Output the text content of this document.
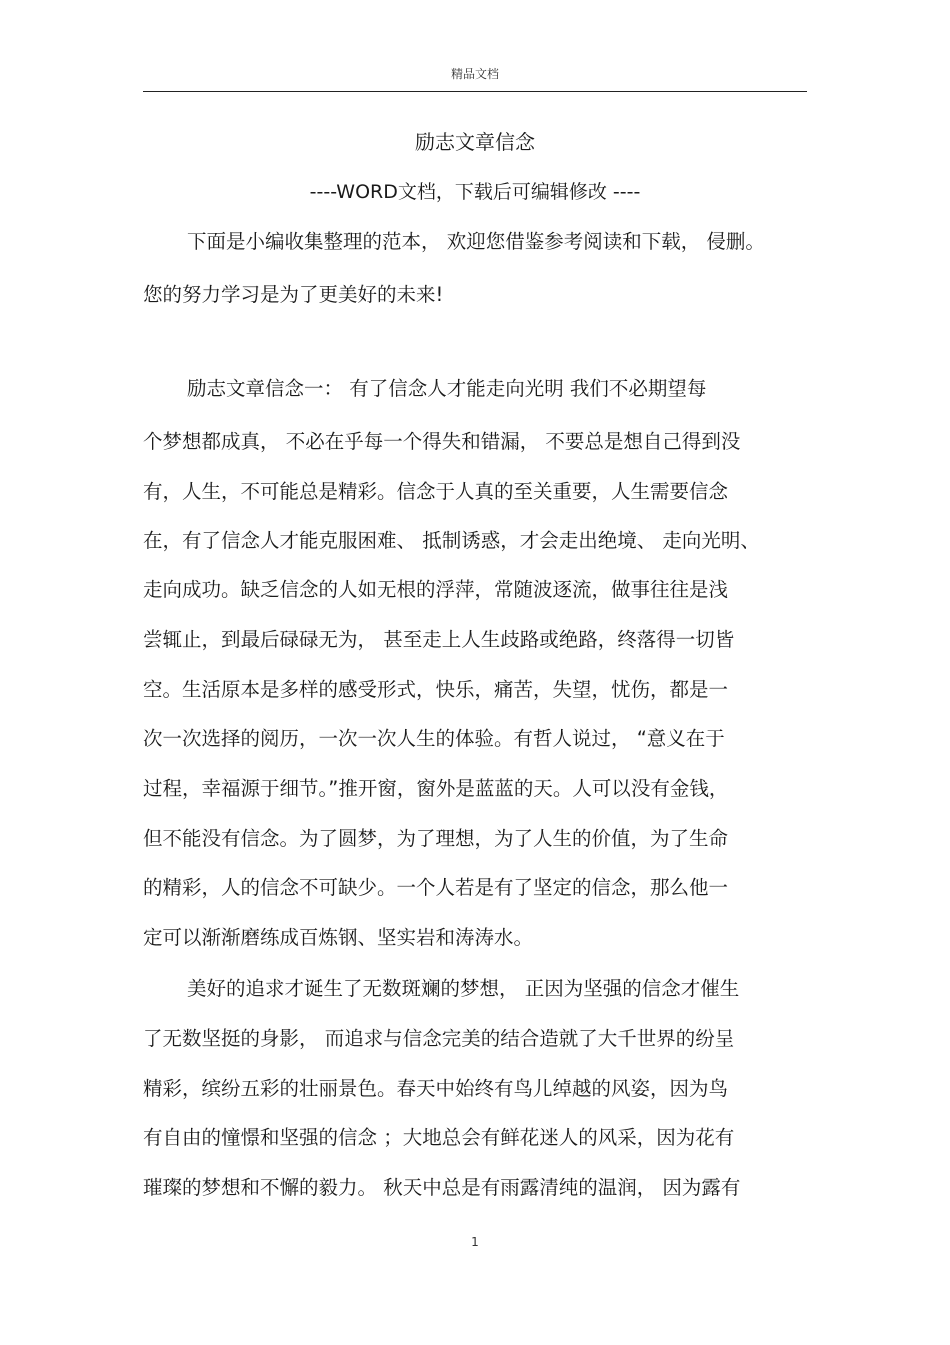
精品文档
励志文章信念
----WORD文档，下载后可编辑修改 ----
下面是小编收集整理的范本， 欢迎您借鉴参考阅读和下载， 侵删。
您的努力学习是为了更美好的未来!
励志文章信念一： 有了信念人才能走向光明 我们不必期望每
个梦想都成真， 不必在乎每一个得失和错漏， 不要总是想自己得到没
有，人生，不可能总是精彩。信念于人真的至关重要，人生需要信念
在，有了信念人才能克服困难、 抵制诱惑，才会走出绝境、 走向光明、
走向成功。缺乏信念的人如无根的浮萍，常随波逐流，做事往往是浅
尝辄止，到最后碌碌无为， 甚至走上人生歧路或绝路，终落得一切皆
空。生活原本是多样的感受形式，快乐，痛苦，失望，忧伤，都是一
次一次选择的阅历，一次一次人生的体验。有哲人说过， “意义在于
过程，幸福源于细节。”推开窗，窗外是蓝蓝的天。人可以没有金钱，
但不能没有信念。为了圆梦，为了理想，为了人生的价值，为了生命
的精彩，人的信念不可缺少。一个人若是有了坚定的信念，那么他一
定可以渐渐磨练成百炼钢、坚实岩和涛涛水。
美好的追求才诞生了无数斑斓的梦想， 正因为坚强的信念才催生
了无数坚挺的身影， 而追求与信念完美的结合造就了大千世界的纷呈
精彩，缤纷五彩的壮丽景色。春天中始终有鸟儿绰越的风姿，因为鸟
有自由的憧憬和坚强的信念 ；大地总会有鲜花迷人的风采，因为花有
璀璨的梦想和不懈的毅力。 秋天中总是有雨露清纯的温润， 因为露有
1
